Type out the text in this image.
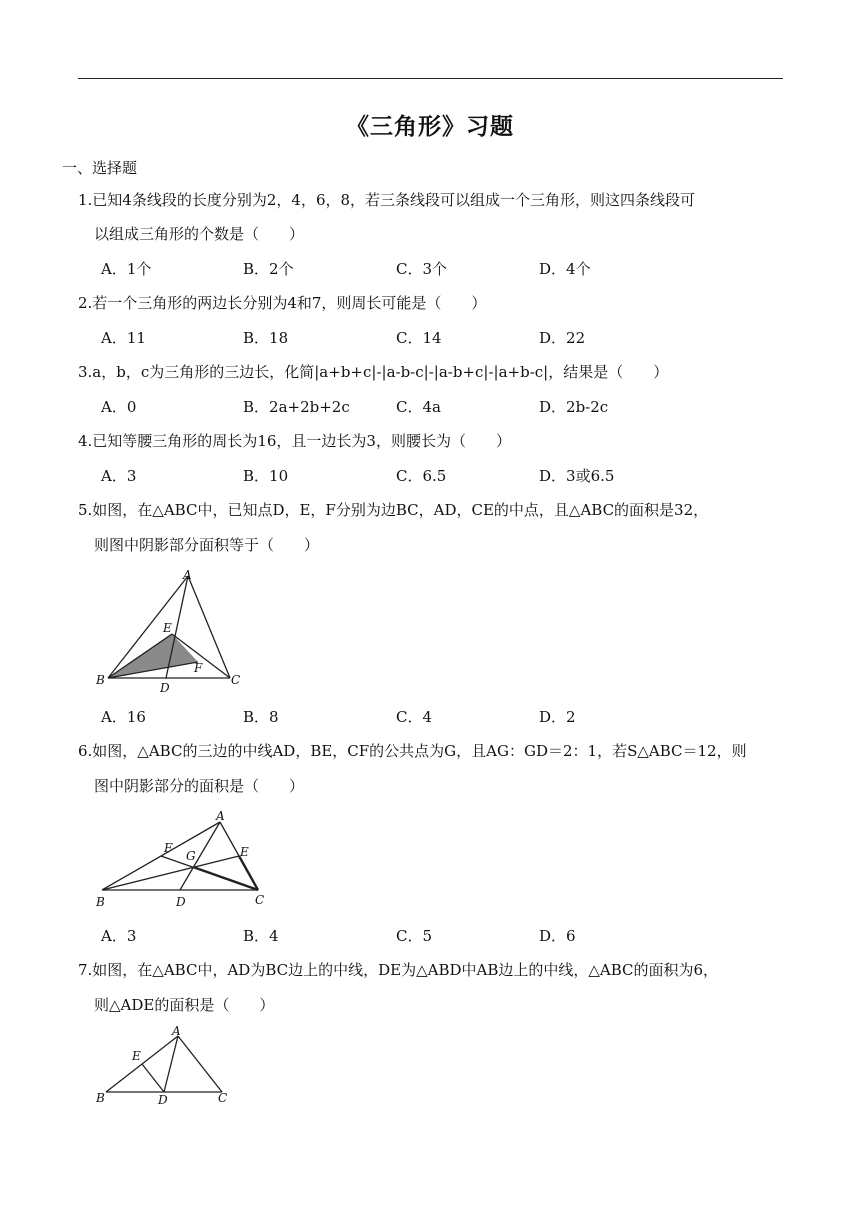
《三角形》习题
一、选择题
1.已知4条线段的长度分别为2，4，6，8，若三条线段可以组成一个三角形，则这四条线段可
以组成三角形的个数是（　　）
A．1个	B．2个	C．3个	D．4个
2.若一个三角形的两边长分别为4和7，则周长可能是（　　）
A．11	B．18	C．14	D．22
3.a，b，c为三角形的三边长，化简|a+b+c|-|a-b-c|-|a-b+c|-|a+b-c|，结果是（　　）
A．0	B．2a+2b+2c	C．4a	D．2b-2c
4.已知等腰三角形的周长为16，且一边长为3，则腰长为（　　）
A．3	B．10	C．6.5	D．3或6.5
5.如图，在△ABC中，已知点D，E，F分别为边BC，AD，CE的中点，且△ABC的面积是32，
则图中阴影部分面积等于（　　）
A
E
F
B
D
C
A．16	B．8	C．4	D．2
6.如图，△ABC的三边的中线AD，BE，CF的公共点为G，且AG：GD＝2：1，若S△ABC＝12，则
图中阴影部分的面积是（　　）
A
F
G	E
B	D	C
A．3	B．4	C．5	D．6
7.如图，在△ABC中，AD为BC边上的中线，DE为△ABD中AB边上的中线，△ABC的面积为6，
则△ADE的面积是（　　）
A
E
B	D	C
